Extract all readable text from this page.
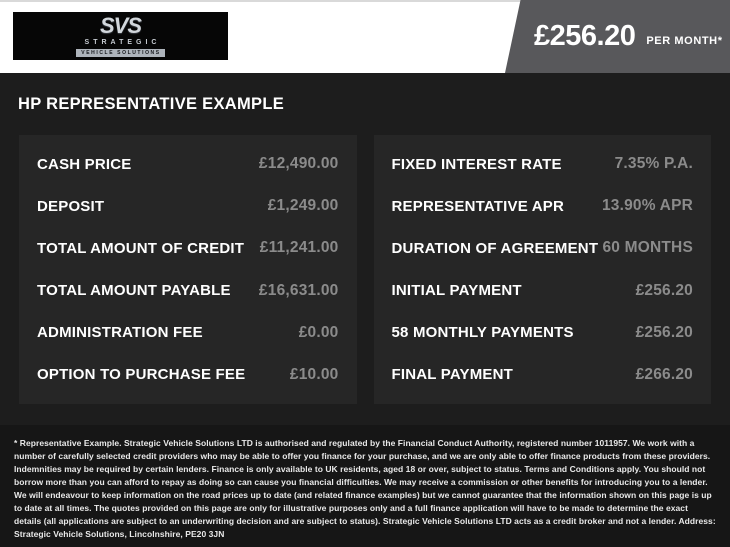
SVS
STRATEGIC
VEHICLE SOLUTIONS
£256.20 PER MONTH*
HP REPRESENTATIVE EXAMPLE
CASH PRICE	£12,490.00
DEPOSIT	£1,249.00
TOTAL AMOUNT OF CREDIT £11,241.00
TOTAL AMOUNT PAYABLE £16,631.00
ADMINISTRATION FEE	£0.00
OPTION TO PURCHASE FEE	£10.00
FIXED INTEREST RATE	7.35% P.A.
REPRESENTATIVE APR 13.90% APR
DURATION OF AGREEMENT 60 MONTHS
INITIAL PAYMENT	£256.20
58 MONTHLY PAYMENTS	£256.20
FINAL PAYMENT	£266.20

* Representative Example. Strategic Vehicle Solutions LTD is authorised and regulated by the Financial Conduct Authority, registered number 1011957. We work with a number of carefully selected credit providers who may be able to offer you finance for your purchase, and we are only able to offer finance products from these providers. Indemnities may be required by certain lenders. Finance is only available to UK residents, aged 18 or over, subject to status. Terms and Conditions apply. You should not borrow more than you can afford to repay as doing so can cause you financial difficulties. We may receive a commission or other benefits for introducing you to a lender. We will endeavour to keep information on the road prices up to date (and related finance examples) but we cannot guarantee that the information shown on this page is up to date at all times. The quotes provided on this page are only for illustrative purposes only and a full finance application will have to be made to determine the exact details (all applications are subject to an underwriting decision and are subject to status). Strategic Vehicle Solutions LTD acts as a credit broker and not a lender. Address: Strategic Vehicle Solutions, Lincolnshire, PE20 3JN
